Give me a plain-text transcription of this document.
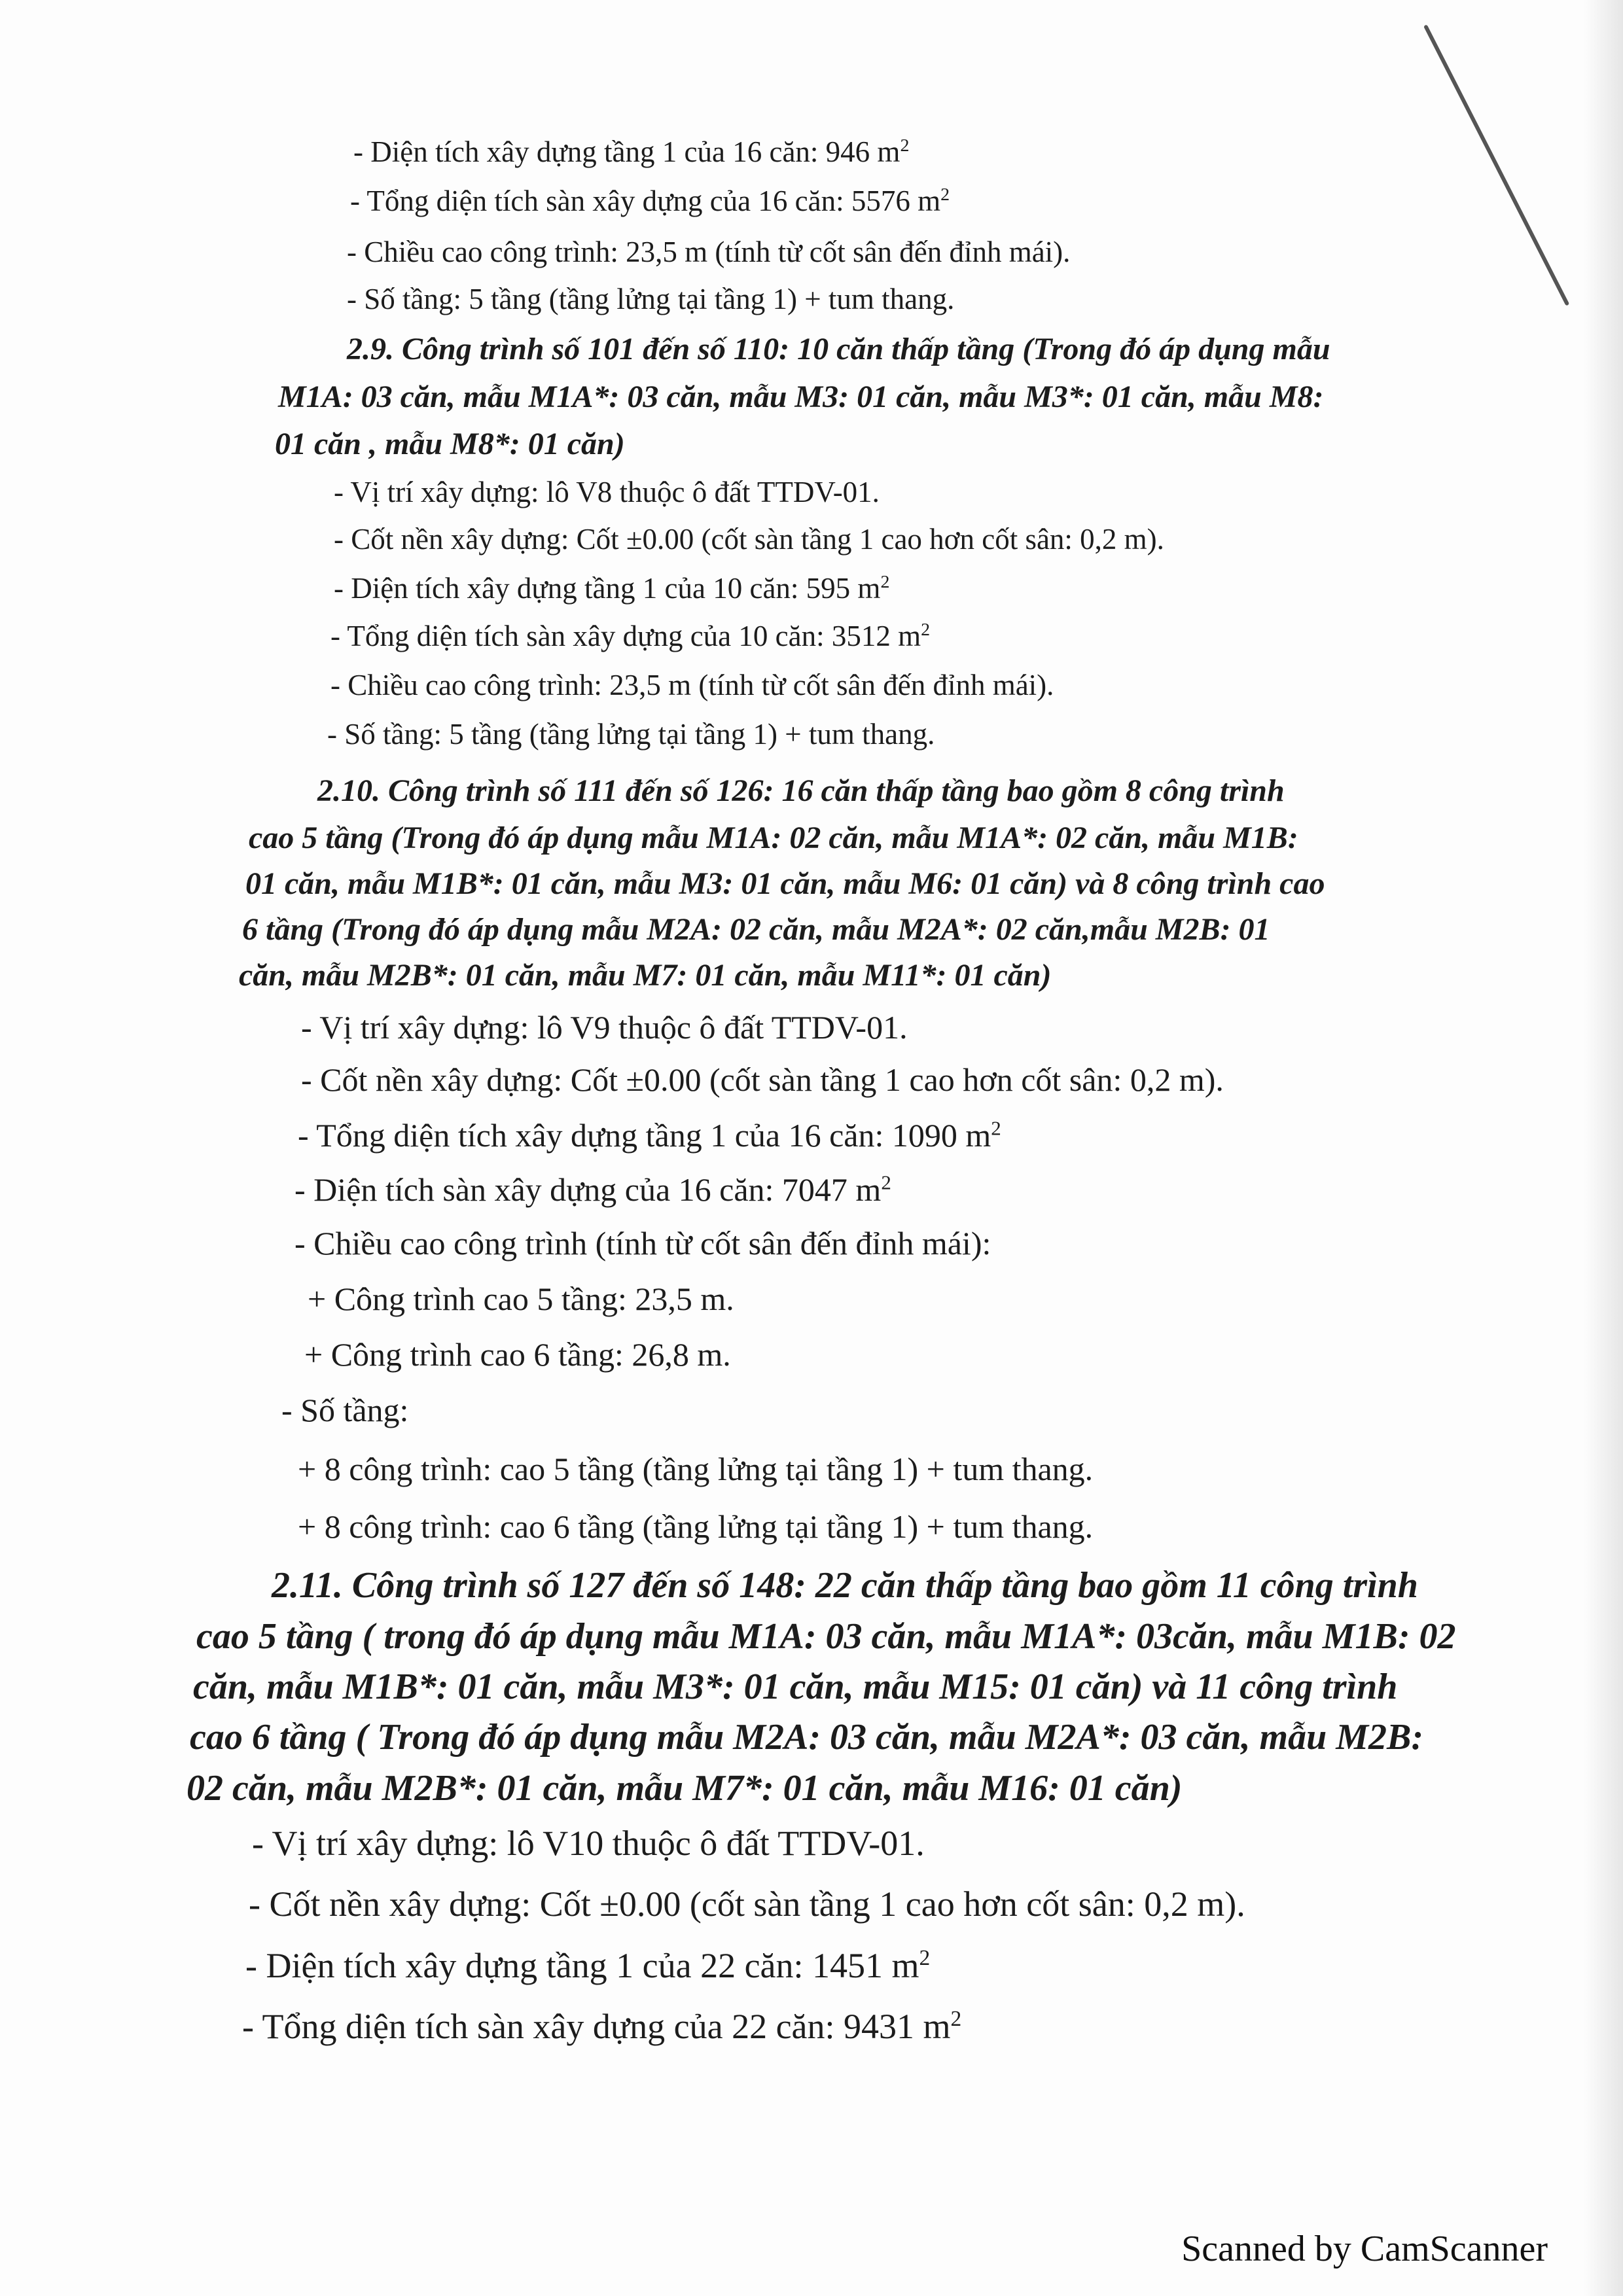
- Diện tích xây dựng tầng 1 của 16 căn: 946 $m^2$
- Tổng diện tích sàn xây dựng của 16 căn: 5576 $m^2$
- Chiều cao công trình: 23,5 m (tính từ cốt sân đến đỉnh mái).
- Số tầng: 5 tầng (tầng lửng tại tầng 1) + tum thang.
2.9. Công trình số 101 đến số 110: 10 căn thấp tầng (Trong đó áp dụng mẫu
M1A: 03 căn, mẫu M1A*: 03 căn, mẫu M3: 01 căn, mẫu M3*: 01 căn, mẫu M8:
01 căn , mẫu M8*: 01 căn)
- Vị trí xây dựng: lô V8 thuộc ô đất TTDV-01.
- Cốt nền xây dựng: Cốt ±0.00 (cốt sàn tầng 1 cao hơn cốt sân: 0,2 m).
- Diện tích xây dựng tầng 1 của 10 căn: 595 $m^2$
- Tổng diện tích sàn xây dựng của 10 căn: 3512 $m^2$
- Chiều cao công trình: 23,5 m (tính từ cốt sân đến đỉnh mái).
- Số tầng: 5 tầng (tầng lửng tại tầng 1) + tum thang.
2.10. Công trình số 111 đến số 126: 16 căn thấp tầng bao gồm 8 công trình
cao 5 tầng (Trong đó áp dụng mẫu M1A: 02 căn, mẫu M1A*: 02 căn, mẫu M1B:
01 căn, mẫu M1B*: 01 căn, mẫu M3: 01 căn, mẫu M6: 01 căn) và 8 công trình cao
6 tầng (Trong đó áp dụng mẫu M2A: 02 căn, mẫu M2A*: 02 căn,mẫu M2B: 01
căn, mẫu M2B*: 01 căn, mẫu M7: 01 căn, mẫu M11*: 01 căn)
- Vị trí xây dựng: lô V9 thuộc ô đất TTDV-01.
- Cốt nền xây dựng: Cốt ±0.00 (cốt sàn tầng 1 cao hơn cốt sân: 0,2 m).
- Tổng diện tích xây dựng tầng 1 của 16 căn: 1090 $m^2$
- Diện tích sàn xây dựng của 16 căn: 7047 $m^2$
- Chiều cao công trình (tính từ cốt sân đến đỉnh mái):
+ Công trình cao 5 tầng: 23,5 m.
+ Công trình cao 6 tầng: 26,8 m.
- Số tầng:
+ 8 công trình: cao 5 tầng (tầng lửng tại tầng 1) + tum thang.
+ 8 công trình: cao 6 tầng (tầng lửng tại tầng 1) + tum thang.
2.11. Công trình số 127 đến số 148: 22 căn thấp tầng bao gồm 11 công trình
cao 5 tầng ( trong đó áp dụng mẫu M1A: 03 căn, mẫu M1A*: 03căn, mẫu M1B: 02
căn, mẫu M1B*: 01 căn, mẫu M3*: 01 căn, mẫu M15: 01 căn) và 11 công trình
cao 6 tầng ( Trong đó áp dụng mẫu M2A: 03 căn, mẫu M2A*: 03 căn, mẫu M2B:
02 căn, mẫu M2B*: 01 căn, mẫu M7*: 01 căn, mẫu M16: 01 căn)
- Vị trí xây dựng: lô V10 thuộc ô đất TTDV-01.
- Cốt nền xây dựng: Cốt ±0.00 (cốt sàn tầng 1 cao hơn cốt sân: 0,2 m).
- Diện tích xây dựng tầng 1 của 22 căn: 1451 $m^2$
- Tổng diện tích sàn xây dựng của 22 căn: 9431 $m^2$
Scanned by CamScanner
